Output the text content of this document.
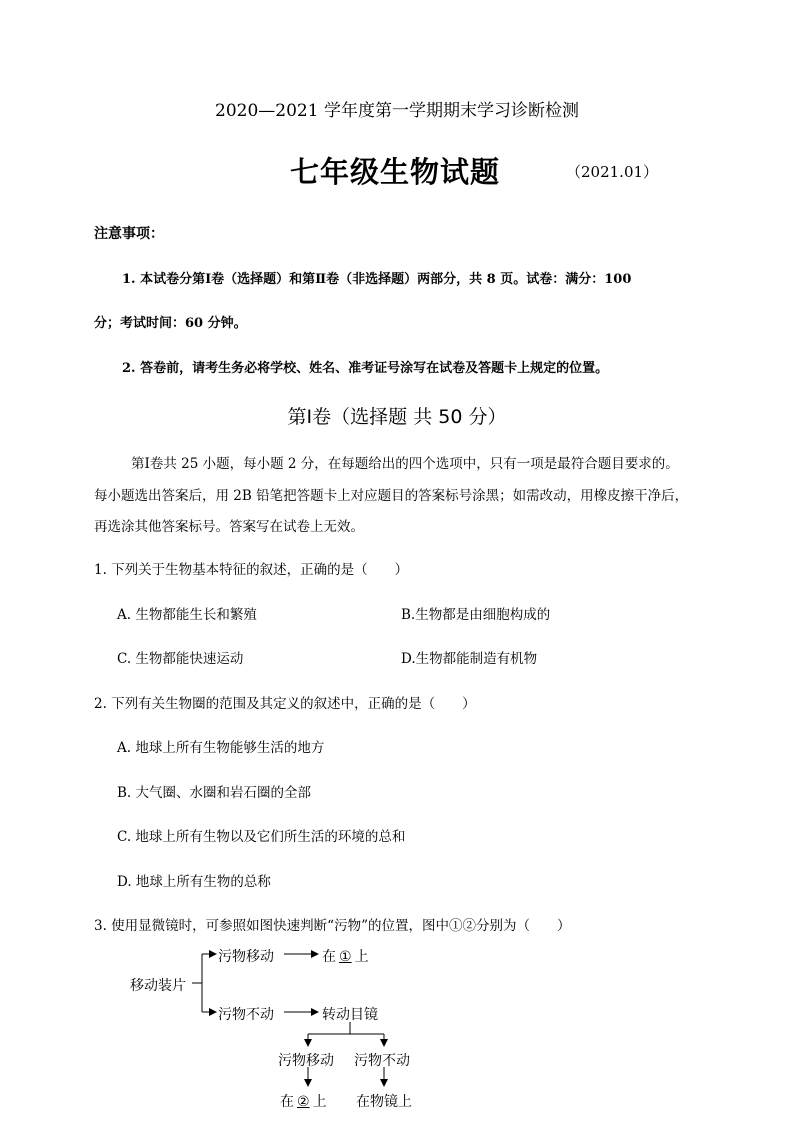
2020—2021 学年度第一学期期末学习诊断检测
七年级生物试题	（2021.01）
注意事项：
1. 本试卷分第Ⅰ卷（选择题）和第Ⅱ卷（非选择题）两部分，共 8 页。试卷：满分：100
分；考试时间：60 分钟。
2. 答卷前，请考生务必将学校、姓名、准考证号涂写在试卷及答题卡上规定的位置。
第Ⅰ卷（选择题 共 50 分）
第Ⅰ卷共 25 小题，每小题 2 分，在每题给出的四个选项中，只有一项是最符合题目要求的。
每小题选出答案后，用 2B 铅笔把答题卡上对应题目的答案标号涂黑；如需改动，用橡皮擦干净后，
再选涂其他答案标号。答案写在试卷上无效。
1. 下列关于生物基本特征的叙述，正确的是（　　）
A. 生物都能生长和繁殖	B.生物都是由细胞构成的
C. 生物都能快速运动	D.生物都能制造有机物
2. 下列有关生物圈的范围及其定义的叙述中，正确的是（　　）
A. 地球上所有生物能够生活的地方
B. 大气圈、水圈和岩石圈的全部
C. 地球上所有生物以及它们所生活的环境的总和
D. 地球上所有生物的总称
3. 使用显微镜时，可参照如图快速判断“污物”的位置，图中①②分别为（　　）
移动装片
污物移动	在 ① 上
污物不动	转动目镜
污物移动 污物不动
在 ② 上 在物镜上
